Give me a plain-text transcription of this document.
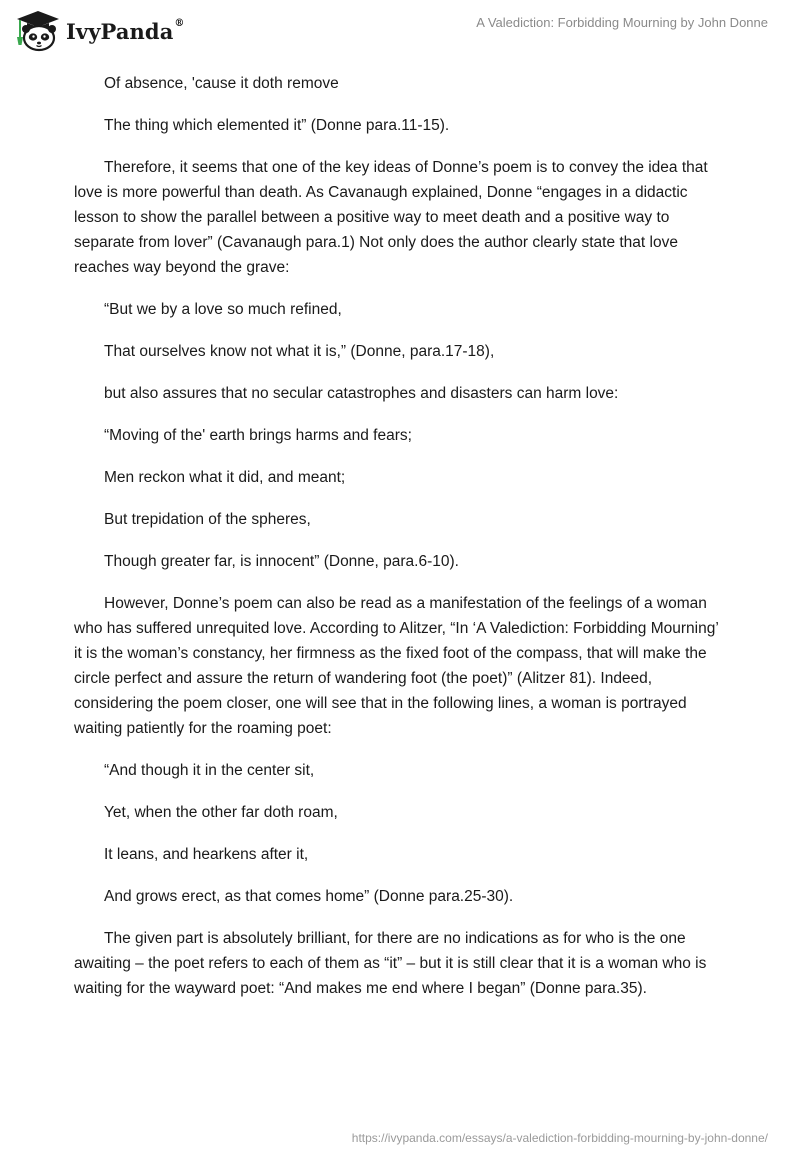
IvyPanda®	A Valediction: Forbidding Mourning by John Donne

Of absence, 'cause it doth remove

The thing which elemented it” (Donne para.11-15).

Therefore, it seems that one of the key ideas of Donne’s poem is to convey the idea that love is more powerful than death. As Cavanaugh explained, Donne “engages in a didactic lesson to show the parallel between a positive way to meet death and a positive way to separate from lover” (Cavanaugh para.1) Not only does the author clearly state that love reaches way beyond the grave:

“But we by a love so much refined,

That ourselves know not what it is,” (Donne, para.17-18),

but also assures that no secular catastrophes and disasters can harm love:

“Moving of the' earth brings harms and fears;

Men reckon what it did, and meant;

But trepidation of the spheres,

Though greater far, is innocent” (Donne, para.6-10).

However, Donne’s poem can also be read as a manifestation of the feelings of a woman who has suffered unrequited love. According to Alitzer, “In ‘A Valediction: Forbidding Mourning’ it is the woman’s constancy, her firmness as the fixed foot of the compass, that will make the circle perfect and assure the return of wandering foot (the poet)” (Alitzer 81). Indeed, considering the poem closer, one will see that in the following lines, a woman is portrayed waiting patiently for the roaming poet:

“And though it in the center sit,

Yet, when the other far doth roam,

It leans, and hearkens after it,

And grows erect, as that comes home” (Donne para.25-30).

The given part is absolutely brilliant, for there are no indications as for who is the one awaiting – the poet refers to each of them as “it” – but it is still clear that it is a woman who is waiting for the wayward poet: “And makes me end where I began” (Donne para.35).

https://ivypanda.com/essays/a-valediction-forbidding-mourning-by-john-donne/
